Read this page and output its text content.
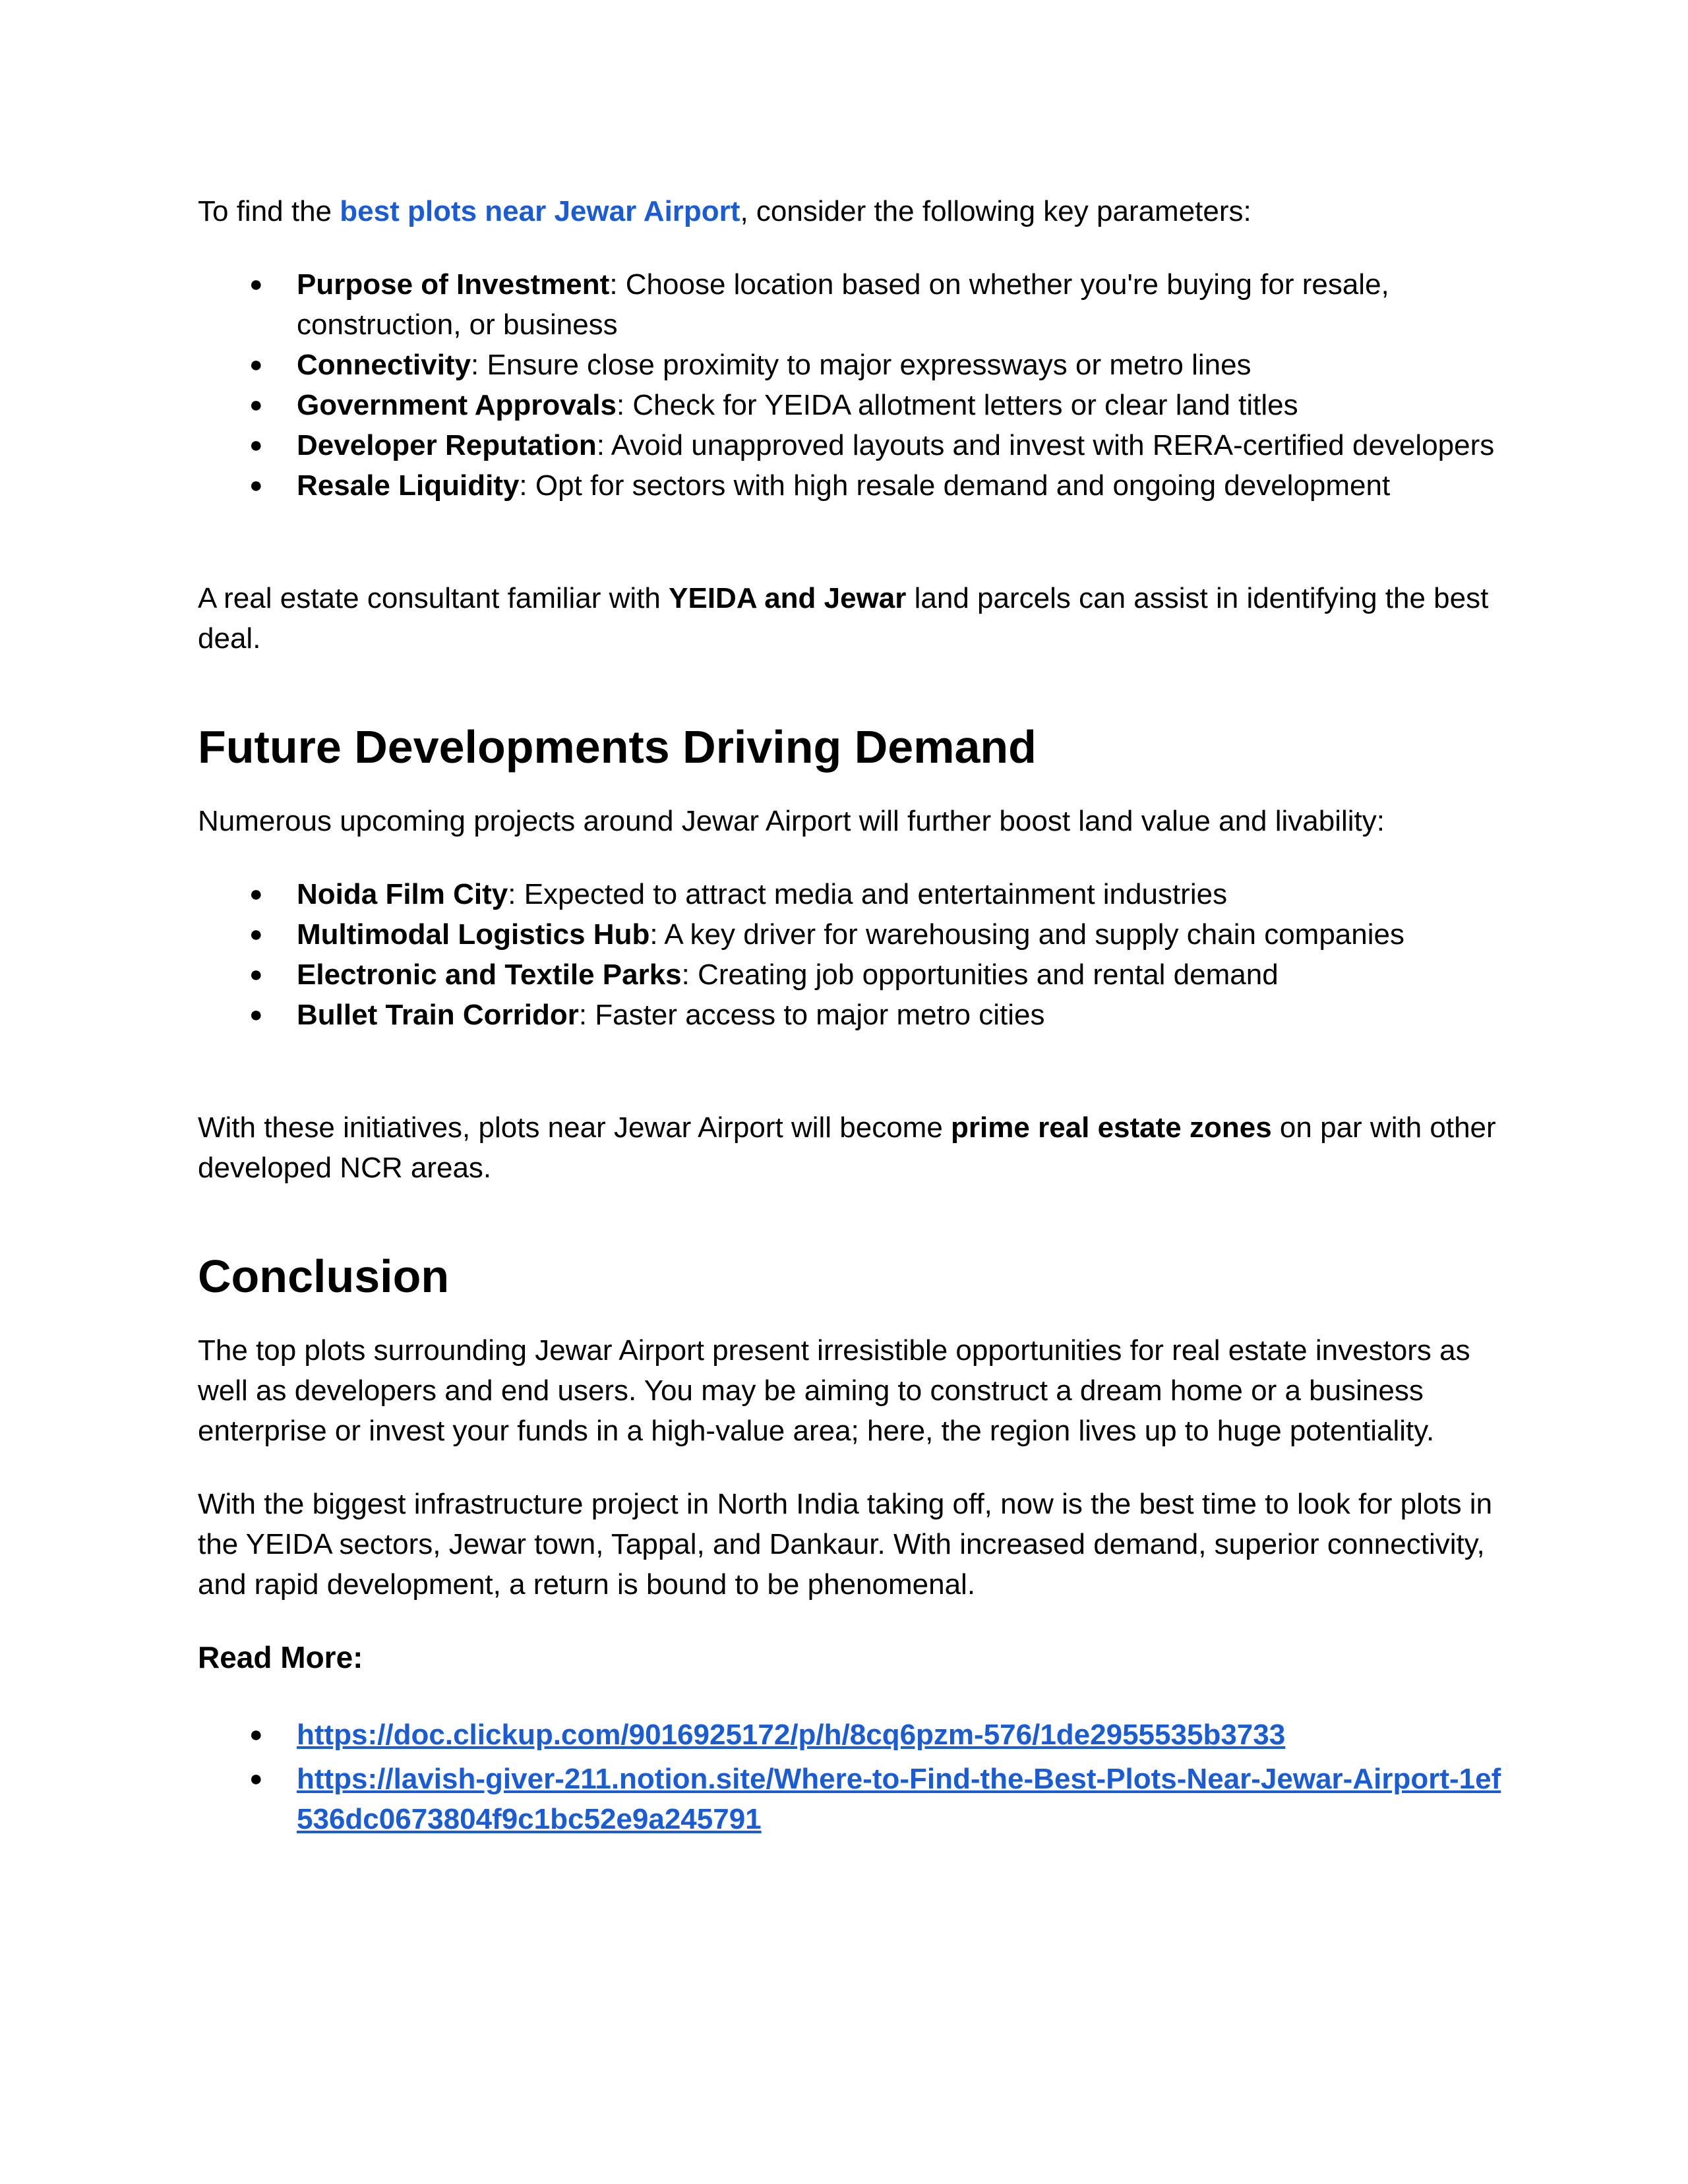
To find the best plots near Jewar Airport, consider the following key parameters:

● Purpose of Investment: Choose location based on whether you're buying for resale, construction, or business
● Connectivity: Ensure close proximity to major expressways or metro lines
● Government Approvals: Check for YEIDA allotment letters or clear land titles
● Developer Reputation: Avoid unapproved layouts and invest with RERA-certified developers
● Resale Liquidity: Opt for sectors with high resale demand and ongoing development

A real estate consultant familiar with YEIDA and Jewar land parcels can assist in identifying the best deal.

Future Developments Driving Demand

Numerous upcoming projects around Jewar Airport will further boost land value and livability:

● Noida Film City: Expected to attract media and entertainment industries
● Multimodal Logistics Hub: A key driver for warehousing and supply chain companies
● Electronic and Textile Parks: Creating job opportunities and rental demand
● Bullet Train Corridor: Faster access to major metro cities

With these initiatives, plots near Jewar Airport will become prime real estate zones on par with other developed NCR areas.

Conclusion

The top plots surrounding Jewar Airport present irresistible opportunities for real estate investors as well as developers and end users. You may be aiming to construct a dream home or a business enterprise or invest your funds in a high-value area; here, the region lives up to huge potentiality.

With the biggest infrastructure project in North India taking off, now is the best time to look for plots in the YEIDA sectors, Jewar town, Tappal, and Dankaur. With increased demand, superior connectivity, and rapid development, a return is bound to be phenomenal.

Read More:
● https://doc.clickup.com/9016925172/p/h/8cq6pzm-576/1de2955535b3733
● https://lavish-giver-211.notion.site/Where-to-Find-the-Best-Plots-Near-Jewar-Airport-1ef536dc0673804f9c1bc52e9a245791
